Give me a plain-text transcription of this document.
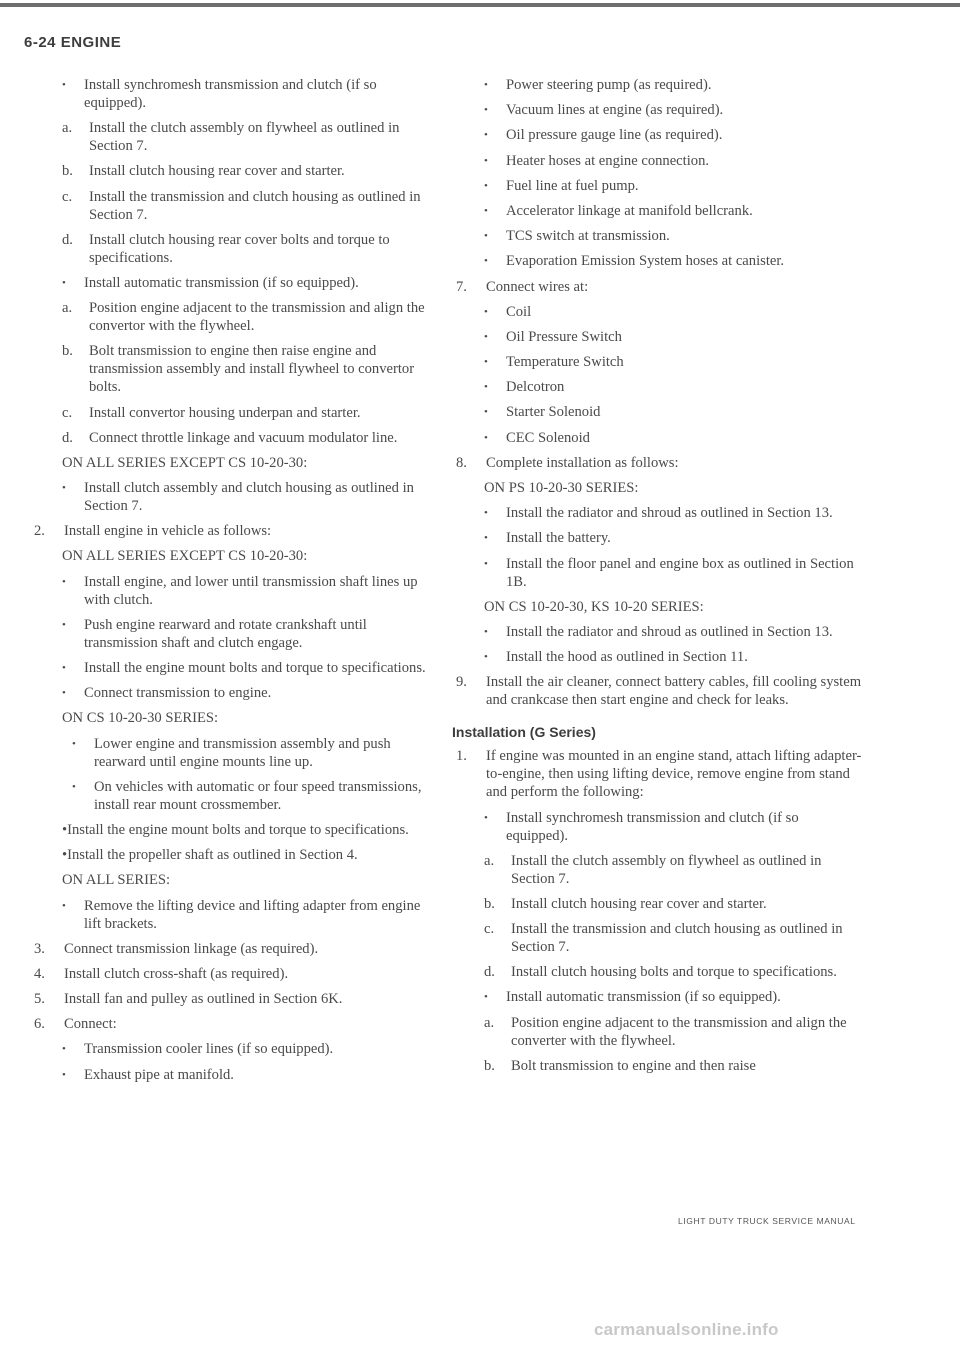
6-24 ENGINE
• Install synchromesh transmission and clutch (if so equipped).
a. Install the clutch assembly on flywheel as outlined in Section 7.
b. Install clutch housing rear cover and starter.
c. Install the transmission and clutch housing as outlined in Section 7.
d. Install clutch housing rear cover bolts and torque to specifications.
• Install automatic transmission (if so equipped).
a. Position engine adjacent to the transmission and align the convertor with the flywheel.
b. Bolt transmission to engine then raise engine and transmission assembly and install flywheel to convertor bolts.
c. Install convertor housing underpan and starter.
d. Connect throttle linkage and vacuum modulator line.
ON ALL SERIES EXCEPT CS 10-20-30:
• Install clutch assembly and clutch housing as outlined in Section 7.
2. Install engine in vehicle as follows:
ON ALL SERIES EXCEPT CS 10-20-30:
• Install engine, and lower until transmission shaft lines up with clutch.
• Push engine rearward and rotate crankshaft until transmission shaft and clutch engage.
• Install the engine mount bolts and torque to specifications.
• Connect transmission to engine.
ON CS 10-20-30 SERIES:
• Lower engine and transmission assembly and push rearward until engine mounts line up.
• On vehicles with automatic or four speed transmissions, install rear mount crossmember.
•Install the engine mount bolts and torque to specifications.
•Install the propeller shaft as outlined in Section 4.
ON ALL SERIES:
• Remove the lifting device and lifting adapter from engine lift brackets.
3. Connect transmission linkage (as required).
4. Install clutch cross-shaft (as required).
5. Install fan and pulley as outlined in Section 6K.
6. Connect:
• Transmission cooler lines (if so equipped).
• Exhaust pipe at manifold.
• Power steering pump (as required).
• Vacuum lines at engine (as required).
• Oil pressure gauge line (as required).
• Heater hoses at engine connection.
• Fuel line at fuel pump.
• Accelerator linkage at manifold bellcrank.
• TCS switch at transmission.
• Evaporation Emission System hoses at canister.
7. Connect wires at:
• Coil
• Oil Pressure Switch
• Temperature Switch
• Delcotron
• Starter Solenoid
• CEC Solenoid
8. Complete installation as follows:
ON PS 10-20-30 SERIES:
• Install the radiator and shroud as outlined in Section 13.
• Install the battery.
• Install the floor panel and engine box as outlined in Section 1B.
ON CS 10-20-30, KS 10-20 SERIES:
• Install the radiator and shroud as outlined in Section 13.
• Install the hood as outlined in Section 11.
9. Install the air cleaner, connect battery cables, fill cooling system and crankcase then start engine and check for leaks.
Installation (G Series)
1. If engine was mounted in an engine stand, attach lifting adapter-to-engine, then using lifting device, remove engine from stand and perform the following:
• Install synchromesh transmission and clutch (if so equipped).
a. Install the clutch assembly on flywheel as outlined in Section 7.
b. Install clutch housing rear cover and starter.
c. Install the transmission and clutch housing as outlined in Section 7.
d. Install clutch housing bolts and torque to specifications.
• Install automatic transmission (if so equipped).
a. Position engine adjacent to the transmission and align the converter with the flywheel.
b. Bolt transmission to engine and then raise
LIGHT DUTY TRUCK SERVICE MANUAL
carmanualsonline.info
